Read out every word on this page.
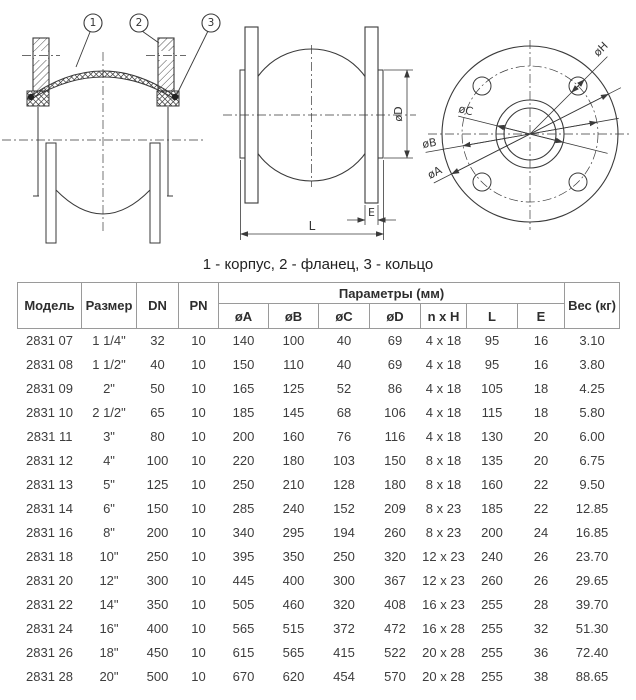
1	2	3
øD
E
L
øA
øB
øC
øH
1 - корпус, 2 - фланец, 3 - кольцо
Модель	Размер	DN	PN	Параметры (мм)							Вес (кг)
				øA	øB	øC	øD	n x H	L	E	
2831 07	1 1/4"	32	10	140	100	40	69	4 x 18	95	16	3.10
2831 08	1 1/2"	40	10	150	110	40	69	4 x 18	95	16	3.80
2831 09	2"	50	10	165	125	52	86	4 x 18	105	18	4.25
2831 10	2 1/2"	65	10	185	145	68	106	4 x 18	115	18	5.80
2831 11	3"	80	10	200	160	76	116	4 x 18	130	20	6.00
2831 12	4"	100	10	220	180	103	150	8 x 18	135	20	6.75
2831 13	5"	125	10	250	210	128	180	8 x 18	160	22	9.50
2831 14	6"	150	10	285	240	152	209	8 x 23	185	22	12.85
2831 16	8"	200	10	340	295	194	260	8 x 23	200	24	16.85
2831 18	10"	250	10	395	350	250	320	12 x 23	240	26	23.70
2831 20	12"	300	10	445	400	300	367	12 x 23	260	26	29.65
2831 22	14"	350	10	505	460	320	408	16 x 23	255	28	39.70
2831 24	16"	400	10	565	515	372	472	16 x 28	255	32	51.30
2831 26	18"	450	10	615	565	415	522	20 x 28	255	36	72.40
2831 28	20"	500	10	670	620	454	570	20 x 28	255	38	88.65
